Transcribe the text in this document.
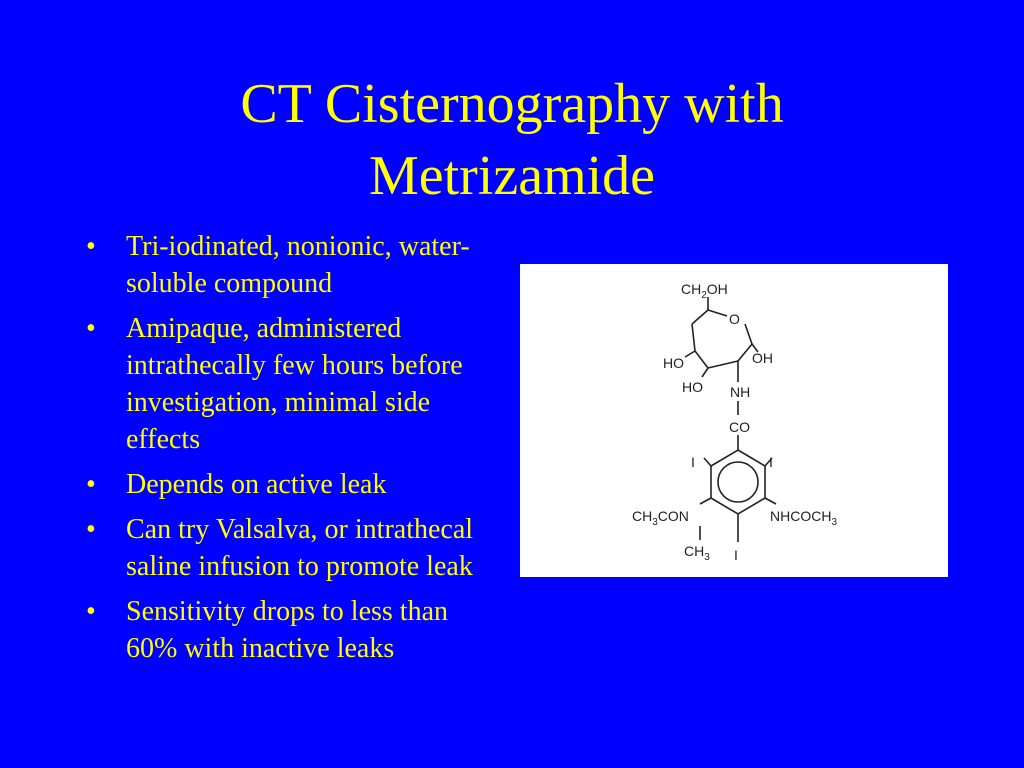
CT Cisternography with
Metrizamide
•	Tri-iodinated, nonionic, water-soluble compound
•	Amipaque, administered intrathecally few hours before investigation, minimal side effects
•	Depends on active leak
•	Can try Valsalva, or intrathecal saline infusion to promote leak
•	Sensitivity drops to less than 60% with inactive leaks
$CH_2OH$
O
OH
HO
HO NH
CO
I	I
$CH_3CON$	$NHCOCH_3$
$CH_3$ I
